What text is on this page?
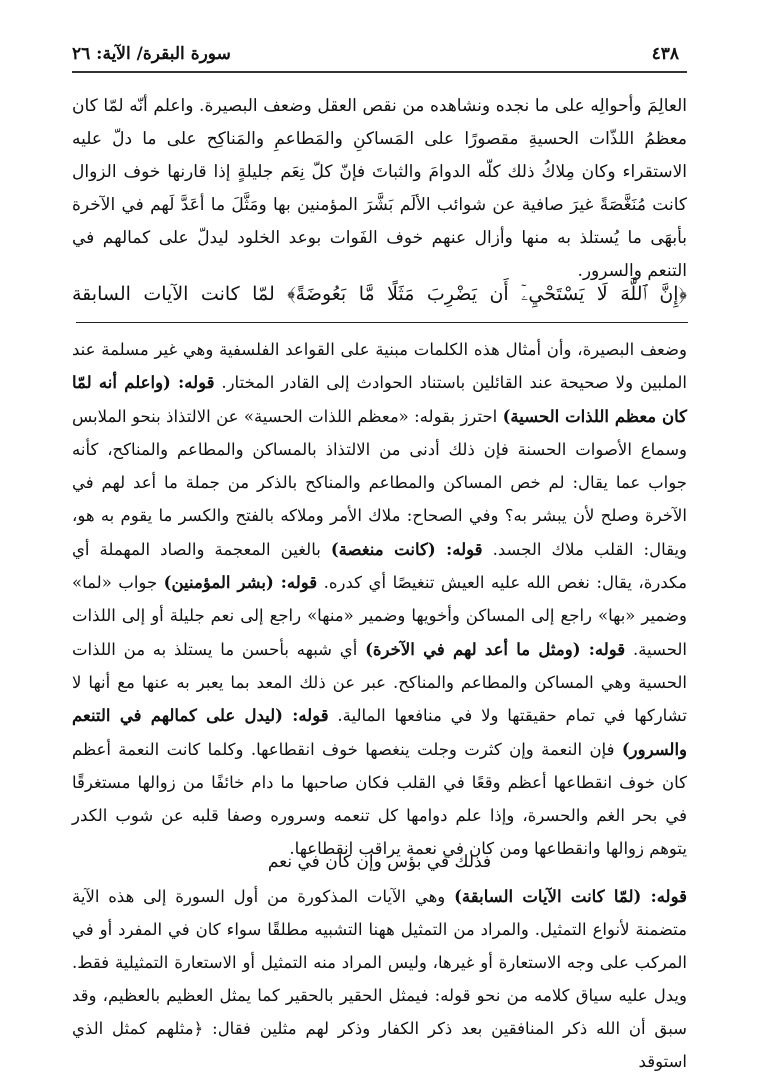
٤٣٨
سورة البقرة/ الآية: ٢٦

العالِمَ وأحوالِه على ما نجده ونشاهده من نقص العقل وضعف البصيرة. واعلم أنّه لمّا كان معظمُ اللذّات الحسيةِ مقصورًا على المَساكنِ والمَطاعمِ والمَناكِح على ما دلّ عليه الاستقراء وكان مِلاكُ ذلك كلّه الدوامَ والثباتَ فإنّ كلّ نِعَم جليلةٍ إذا قارنها خوف الزوال كانت مُنَغَّصَةً غيرَ صافية عن شوائب الألَم بَشَّرَ المؤمنين بها ومَثَّلَ ما أعَدَّ لَهم في الآخرة بأبهَى ما يُستلذ به منها وأزال عنهم خوف الفَوات بوعد الخلود ليدلّ على كمالهم في التنعم والسرور.

﴿إِنَّ ٱللَّهَ لَا يَسْتَحْيِۦٓ أَن يَضْرِبَ مَثَلًا مَّا بَعُوضَةً﴾ لمّا كانت الآيات السابقة

وضعف البصيرة، وأن أمثال هذه الكلمات مبنية على القواعد الفلسفية وهي غير مسلمة عند الملبين ولا صحيحة عند القائلين باستناد الحوادث إلى القادر المختار. قوله: (واعلم أنه لمّا كان معظم اللذات الحسية) احترز بقوله: «معظم اللذات الحسية» عن الالتذاذ بنحو الملابس وسماع الأصوات الحسنة فإن ذلك أدنى من الالتذاذ بالمساكن والمطاعم والمناكح، كأنه جواب عما يقال: لم خص المساكن والمطاعم والمناكح بالذكر من جملة ما أعد لهم في الآخرة وصلح لأن يبشر به؟ وفي الصحاح: ملاك الأمر وملاكه بالفتح والكسر ما يقوم به هو، ويقال: القلب ملاك الجسد. قوله: (كانت منغصة) بالغين المعجمة والصاد المهملة أي مكدرة، يقال: نغص الله عليه العيش تنغيصًا أي كدره. قوله: (بشر المؤمنين) جواب «لما» وضمير «بها» راجع إلى المساكن وأخويها وضمير «منها» راجع إلى نعم جليلة أو إلى اللذات الحسية. قوله: (ومثل ما أعد لهم في الآخرة) أي شبهه بأحسن ما يستلذ به من اللذات الحسية وهي المساكن والمطاعم والمناكح. عبر عن ذلك المعد بما يعبر به عنها مع أنها لا تشاركها في تمام حقيقتها ولا في منافعها المالية. قوله: (ليدل على كمالهم في التنعم والسرور) فإن النعمة وإن كثرت وجلت ينغصها خوف انقطاعها. وكلما كانت النعمة أعظم كان خوف انقطاعها أعظم وقعًا في القلب فكان صاحبها ما دام خائفًا من زوالها مستغرقًا في بحر الغم والحسرة، وإذا علم دوامها كل تنعمه وسروره وصفا قلبه عن شوب الكدر يتوهم زوالها وانقطاعها ومن كان في نعمة يراقب انقطاعها.

فذلك في بؤس وإن كان في نعم

قوله: (لمّا كانت الآيات السابقة) وهي الآيات المذكورة من أول السورة إلى هذه الآية متضمنة لأنواع التمثيل. والمراد من التمثيل ههنا التشبيه مطلقًا سواء كان في المفرد أو في المركب على وجه الاستعارة أو غيرها، وليس المراد منه التمثيل أو الاستعارة التمثيلية فقط. ويدل عليه سياق كلامه من نحو قوله: فيمثل الحقير بالحقير كما يمثل العظيم بالعظيم، وقد سبق أن الله ذكر المنافقين بعد ذكر الكفار وذكر لهم مثلين فقال: ﴿مثلهم كمثل الذي استوقد
